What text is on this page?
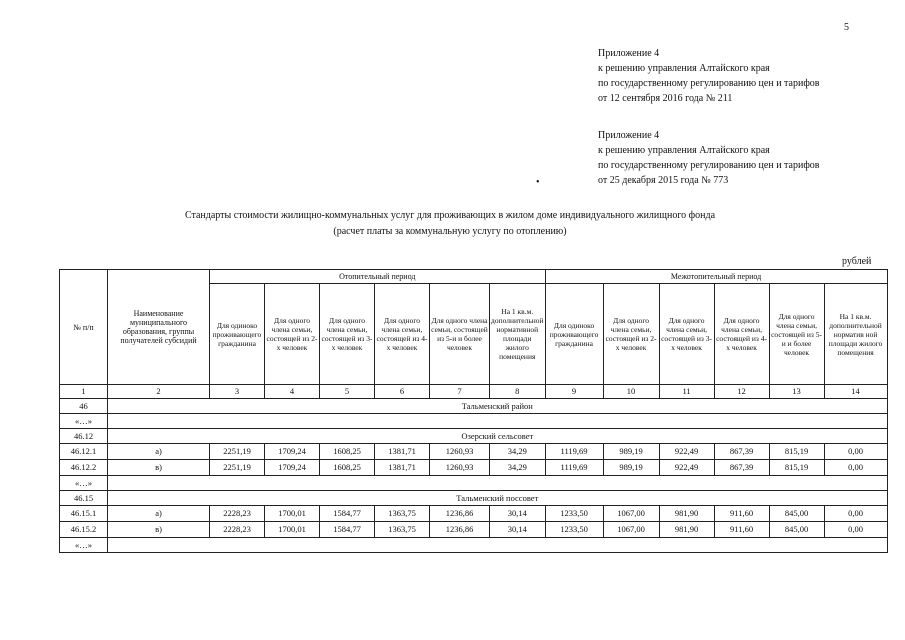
5
Приложение 4
к решению управления Алтайского края
по государственному регулированию цен и тарифов
от 12 сентября 2016 года № 211
•
Приложение 4
к решению управления Алтайского края
по государственному регулированию цен и тарифов
от 25 декабря 2015 года № 773
Стандарты стоимости жилищно-коммунальных услуг для проживающих в жилом доме индивидуального жилищного фонда
(расчет платы за коммунальную услугу по отоплению)
рублей
№ п/п	Наименование муниципального образования, группы получателей субсидий	Отопительный период						Межотопительный период					
		Для одиноко проживающего гражданина	Для одного члена семьи, состоящей из 2-х человек	Для одного члена семьи, состоящей из 3-х человек	Для одного члена семьи, состоящей из 4-х человек	Для одного члена семьи, состоящей из 5-и и более человек	На 1 кв.м. дополнительной нормативной площади жилого помещения	Для одиноко проживающего гражданина	Для одного члена семьи, состоящей из 2-х человек	Для одного члена семьи, состоящей из 3-х человек	Для одного члена семьи, состоящей из 4-х человек	Для одного члена семьи, состоящей из 5-и и более человек	На 1 кв.м. дополнительной норматив ной площади жилого помещения
1	2	3	4	5	6	7	8	9	10	11	12	13	14
46	Тальменский район												
«…»													
46.12	Озерский сельсовет												
46.12.1	а)	2251,19	1709,24	1608,25	1381,71	1260,93	34,29	1119,69	989,19	922,49	867,39	815,19	0,00
46.12.2	в)	2251,19	1709,24	1608,25	1381,71	1260,93	34,29	1119,69	989,19	922,49	867,39	815,19	0,00
«…»													
46.15	Тальменский поссовет												
46.15.1	а)	2228,23	1700,01	1584,77	1363,75	1236,86	30,14	1233,50	1067,00	981,90	911,60	845,00	0,00
46.15.2	в)	2228,23	1700,01	1584,77	1363,75	1236,86	30,14	1233,50	1067,00	981,90	911,60	845,00	0,00
«…»													
